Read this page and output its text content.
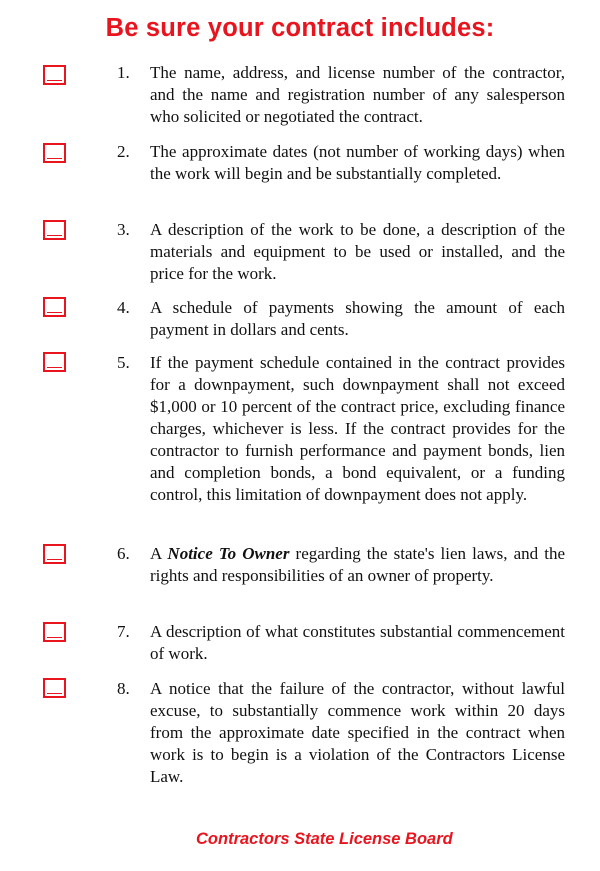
Be sure your contract includes:
1. The name, address, and license number of the contractor, and the name and registration number of any salesperson who solicited or negotiated the contract.
2. The approximate dates (not number of working days) when the work will begin and be substantially completed.
3. A description of the work to be done, a description of the materials and equipment to be used or installed, and the price for the work.
4. A schedule of payments showing the amount of each payment in dollars and cents.
5. If the payment schedule contained in the contract provides for a downpayment, such downpayment shall not exceed $1,000 or 10 percent of the contract price, excluding finance charges, whichever is less. If the contract provides for the contractor to furnish performance and payment bonds, lien and completion bonds, a bond equivalent, or a funding control, this limitation of downpayment does not apply.
6. A Notice To Owner regarding the state's lien laws, and the rights and responsibilities of an owner of property.
7. A description of what constitutes substantial commencement of work.
8. A notice that the failure of the contractor, without lawful excuse, to substantially commence work within 20 days from the approximate date specified in the contract when work is to begin is a violation of the Contractors License Law.

Contractors State License Board
